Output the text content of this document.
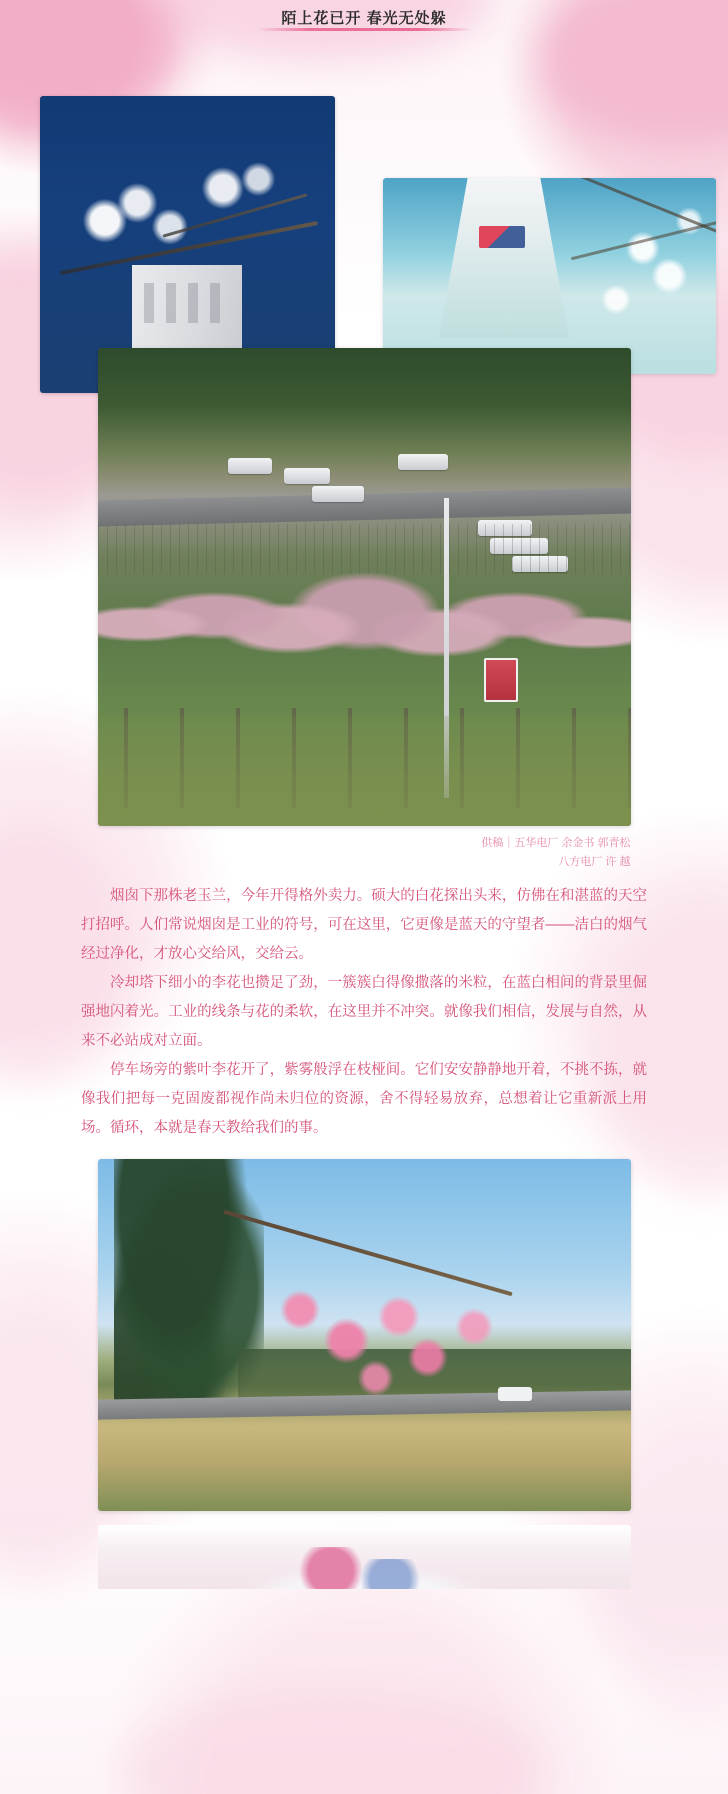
陌上花已开 春光无处躲
供稿｜五华电厂 余金书 郭青松
八方电厂 许 越

烟囱下那株老玉兰，今年开得格外卖力。硕大的白花探出头来，仿佛在和湛蓝的天空打招呼。人们常说烟囱是工业的符号，可在这里，它更像是蓝天的守望者——洁白的烟气经过净化，才放心交给风，交给云。

冷却塔下细小的李花也攒足了劲，一簇簇白得像撒落的米粒，在蓝白相间的背景里倔强地闪着光。工业的线条与花的柔软，在这里并不冲突。就像我们相信，发展与自然，从来不必站成对立面。

停车场旁的紫叶李花开了，紫雾般浮在枝桠间。它们安安静静地开着，不挑不拣，就像我们把每一克固废都视作尚未归位的资源，舍不得轻易放弃，总想着让它重新派上用场。循环，本就是春天教给我们的事。
